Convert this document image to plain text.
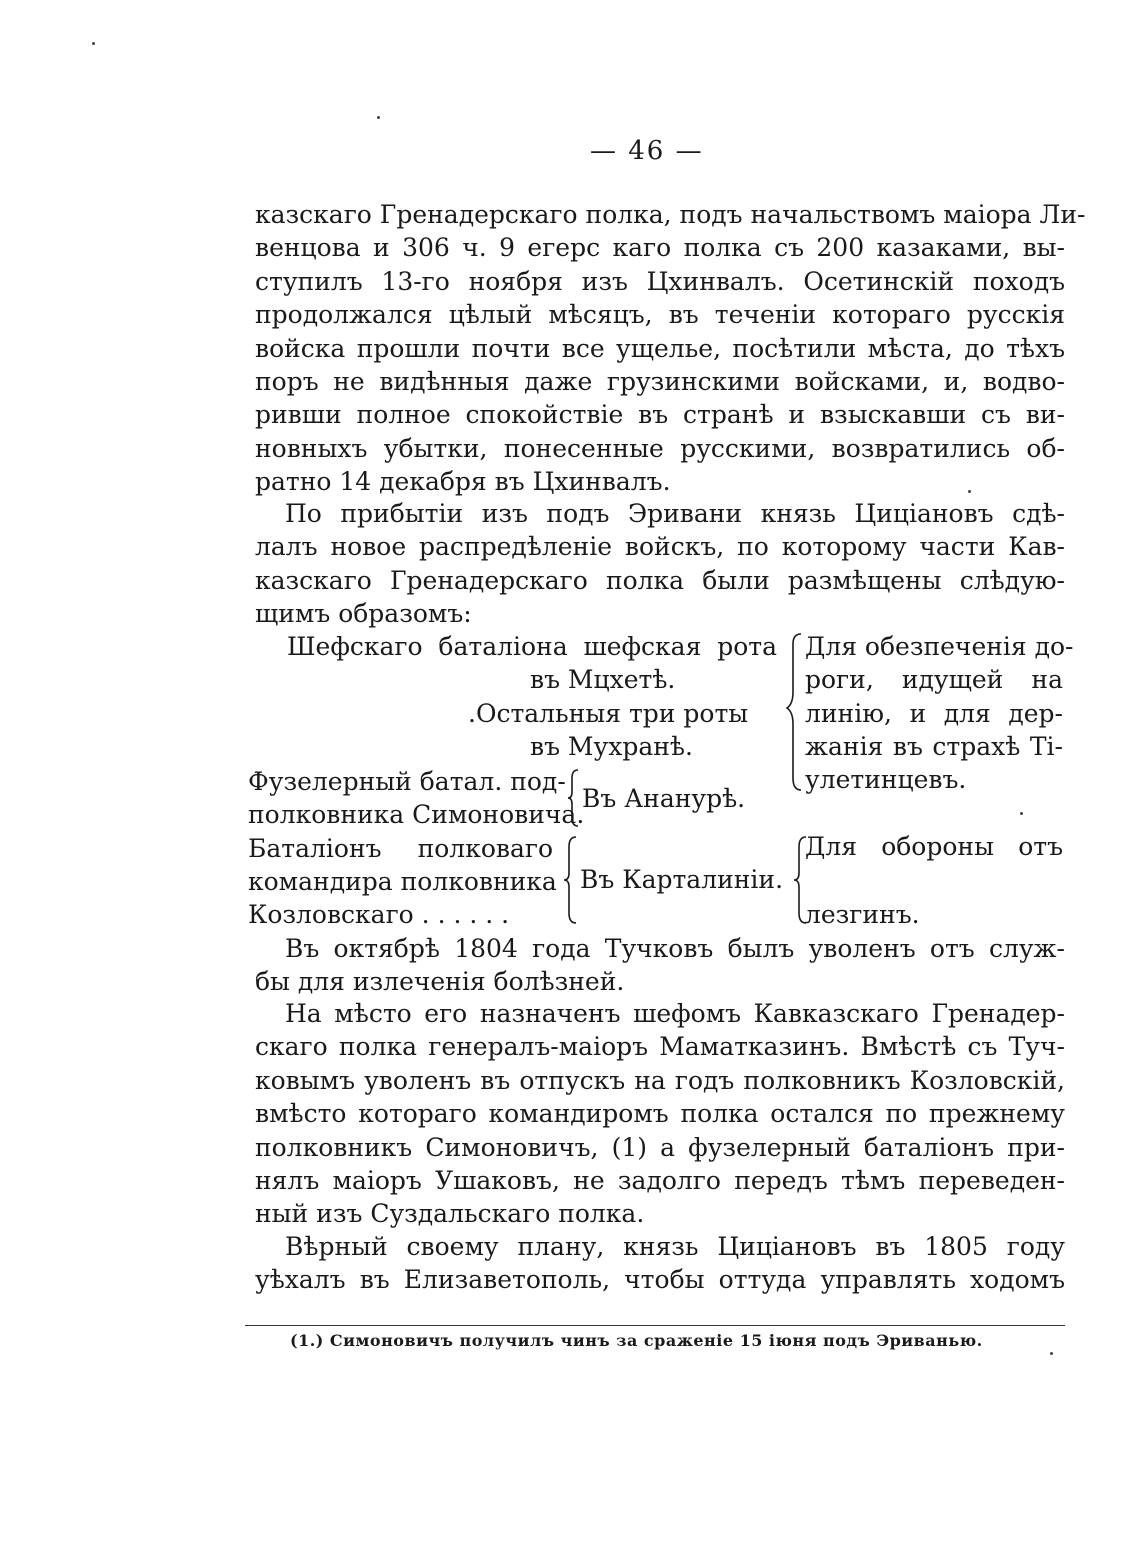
— 46 —
казскаго Гренадерскаго полка, подъ начальствомъ маiора Ли-
венцова и 306 ч. 9 егерс каго полка съ 200 казаками, вы-
ступилъ 13-го ноября изъ Цхинвалъ. Осетинскiй походъ
продолжался цѣлый мѣсяцъ, въ теченiи котораго русскiя
войска прошли почти все ущелье, посѣтили мѣста, до тѣхъ
поръ не видѣнныя даже грузинскими войсками, и, водво-
ривши полное спокойствiе въ странѣ и взыскавши съ ви-
новныхъ убытки, понесенные русскими, возвратились об-
ратно 14 декабря въ Цхинвалъ.
По прибытiи изъ подъ Эривани князь Цицiановъ сдѣ-
лалъ новое распредѣленiе войскъ, по которому части Кав-
казскаго Гренадерскаго полка были размѣщены слѣдую-
щимъ образомъ:
Шефскаго баталiона шефская рота
въ Мцхетѣ.
.Остальныя три роты
въ Мухранѣ.
Для обезпеченiя до-
роги, идущей на
линiю, и для дер-
жанiя въ страхѣ Ті-
улетинцевъ.
Фузелерный батал. под-
полковника Симоновича.
Въ Ананурѣ.
Баталiонъ полковаго
командира полковника
Козловскаго . . . . . .
Въ Карталинiи.
Для обороны отъ
лезгинъ.
Въ октябрѣ 1804 года Тучковъ былъ уволенъ отъ служ-
бы для излеченiя болѣзней.
На мѣсто его назначенъ шефомъ Кавказскаго Гренадер-
скаго полка генералъ-маiоръ Маматказинъ. Вмѣстѣ съ Туч-
ковымъ уволенъ въ отпускъ на годъ полковникъ Козловскiй,
вмѣсто котораго командиромъ полка остался по прежнему
полковникъ Симоновичъ, (1) а фузелерный баталiонъ при-
нялъ маiоръ Ушаковъ, не задолго передъ тѣмъ переведен-
ный изъ Суздальскаго полка.
Вѣрный своему плану, князь Цицiановъ въ 1805 году
уѣхалъ въ Елизаветополь, чтобы оттуда управлять ходомъ
(1.) Симоновичъ получилъ чинъ за сраженiе 15 iюня подъ Эриванью.
